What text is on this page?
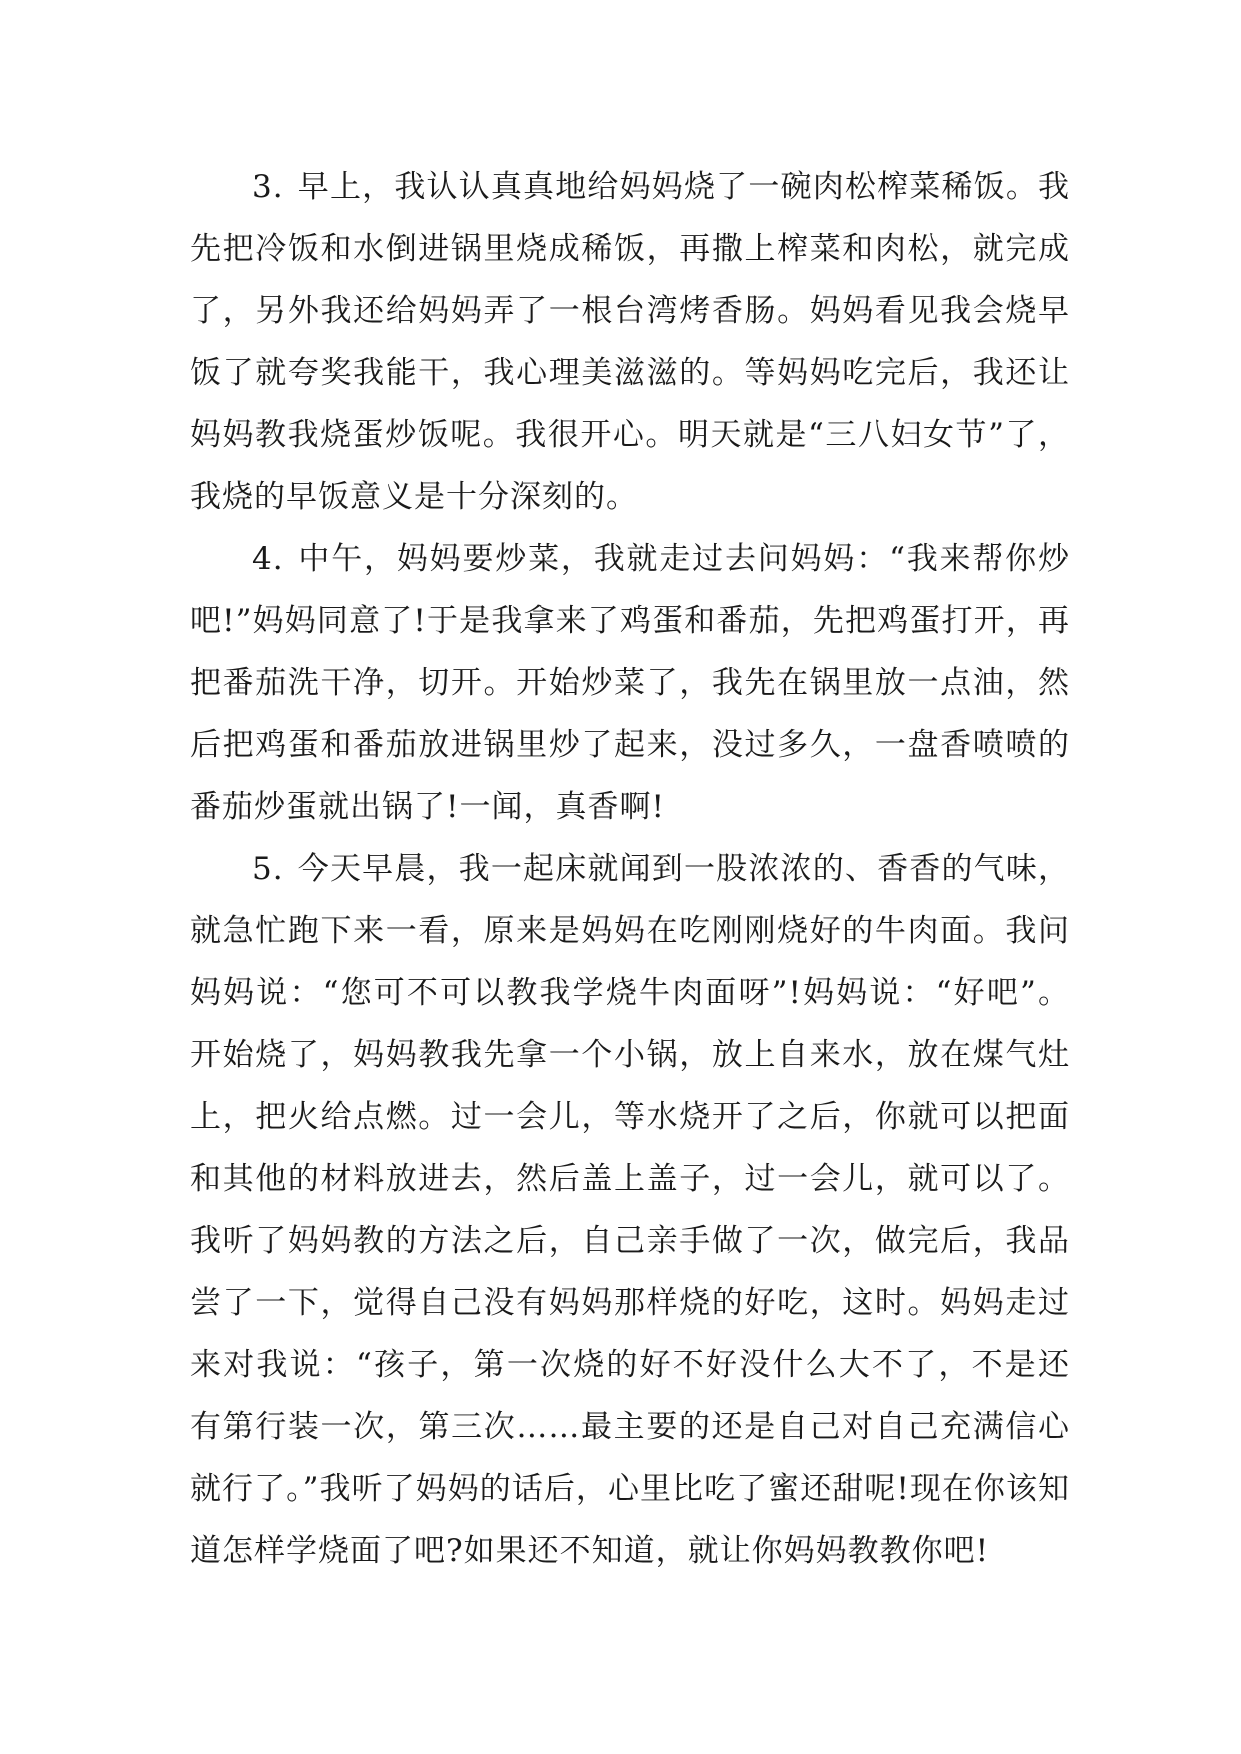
3. 早上，我认认真真地给妈妈烧了一碗肉松榨菜稀饭。我先把冷饭和水倒进锅里烧成稀饭，再撒上榨菜和肉松，就完成了，另外我还给妈妈弄了一根台湾烤香肠。妈妈看见我会烧早饭了就夸奖我能干，我心理美滋滋的。等妈妈吃完后，我还让妈妈教我烧蛋炒饭呢。我很开心。明天就是“三八妇女节”了，我烧的早饭意义是十分深刻的。

4. 中午，妈妈要炒菜，我就走过去问妈妈：“我来帮你炒吧!”妈妈同意了!于是我拿来了鸡蛋和番茄，先把鸡蛋打开，再把番茄洗干净，切开。开始炒菜了，我先在锅里放一点油，然后把鸡蛋和番茄放进锅里炒了起来，没过多久，一盘香喷喷的番茄炒蛋就出锅了!一闻，真香啊!

5. 今天早晨，我一起床就闻到一股浓浓的、香香的气味，就急忙跑下来一看，原来是妈妈在吃刚刚烧好的牛肉面。我问妈妈说：“您可不可以教我学烧牛肉面呀”!妈妈说：“好吧”。开始烧了，妈妈教我先拿一个小锅，放上自来水，放在煤气灶上，把火给点燃。过一会儿，等水烧开了之后，你就可以把面和其他的材料放进去，然后盖上盖子，过一会儿，就可以了。我听了妈妈教的方法之后，自己亲手做了一次，做完后，我品尝了一下，觉得自己没有妈妈那样烧的好吃，这时。妈妈走过来对我说：“孩子，第一次烧的好不好没什么大不了，不是还有第行装一次，第三次……最主要的还是自己对自己充满信心就行了。”我听了妈妈的话后，心里比吃了蜜还甜呢!现在你该知道怎样学烧面了吧?如果还不知道，就让你妈妈教教你吧!
